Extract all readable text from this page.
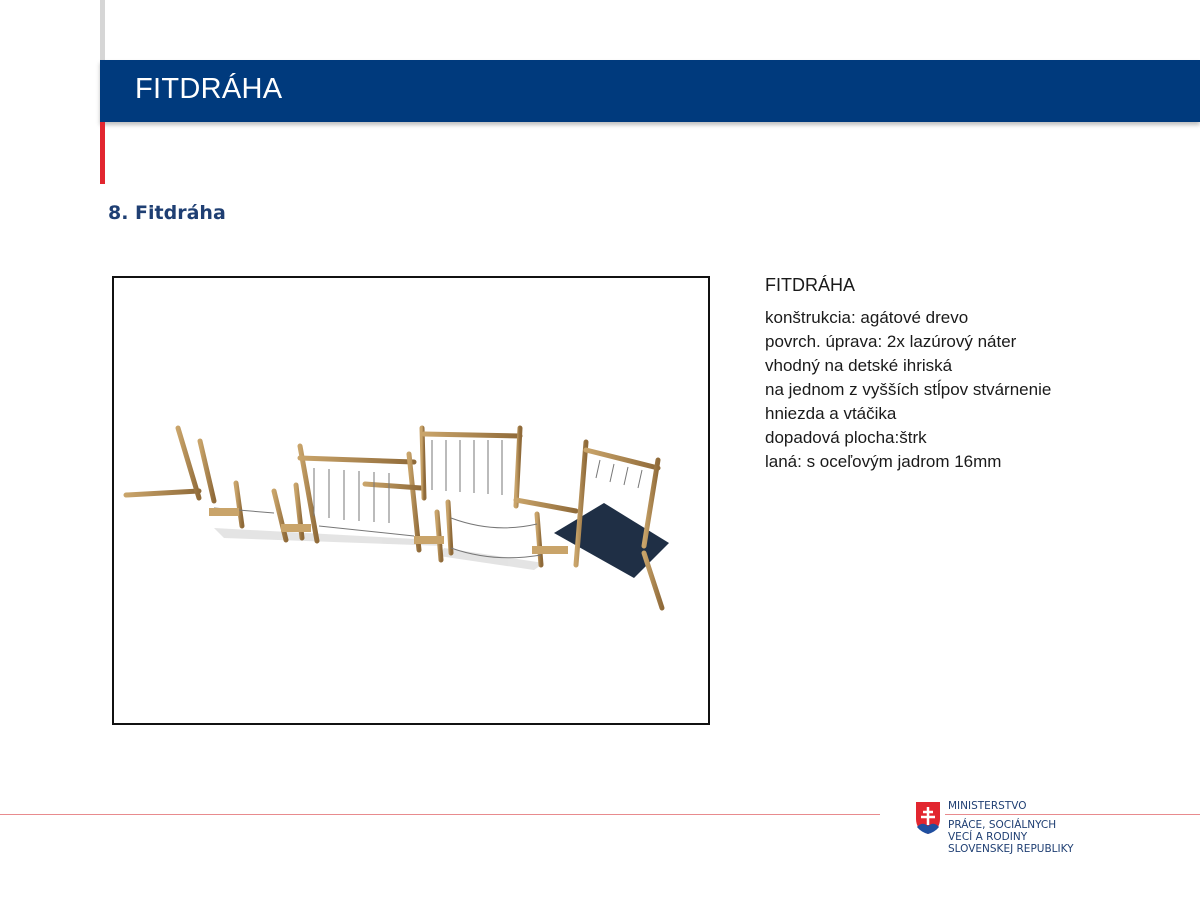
FITDRÁHA
8. Fitdráha
FITDRÁHA
konštrukcia: agátové drevo
povrch. úprava: 2x lazúrový náter
vhodný na detské ihriská
na jednom z vyšších stĺpov stvárnenie
hniezda a vtáčika
dopadová plocha:štrk
laná: s oceľovým jadrom 16mm
MINISTERSTVO
PRÁCE, SOCIÁLNYCH
VECÍ A RODINY
SLOVENSKEJ REPUBLIKY
